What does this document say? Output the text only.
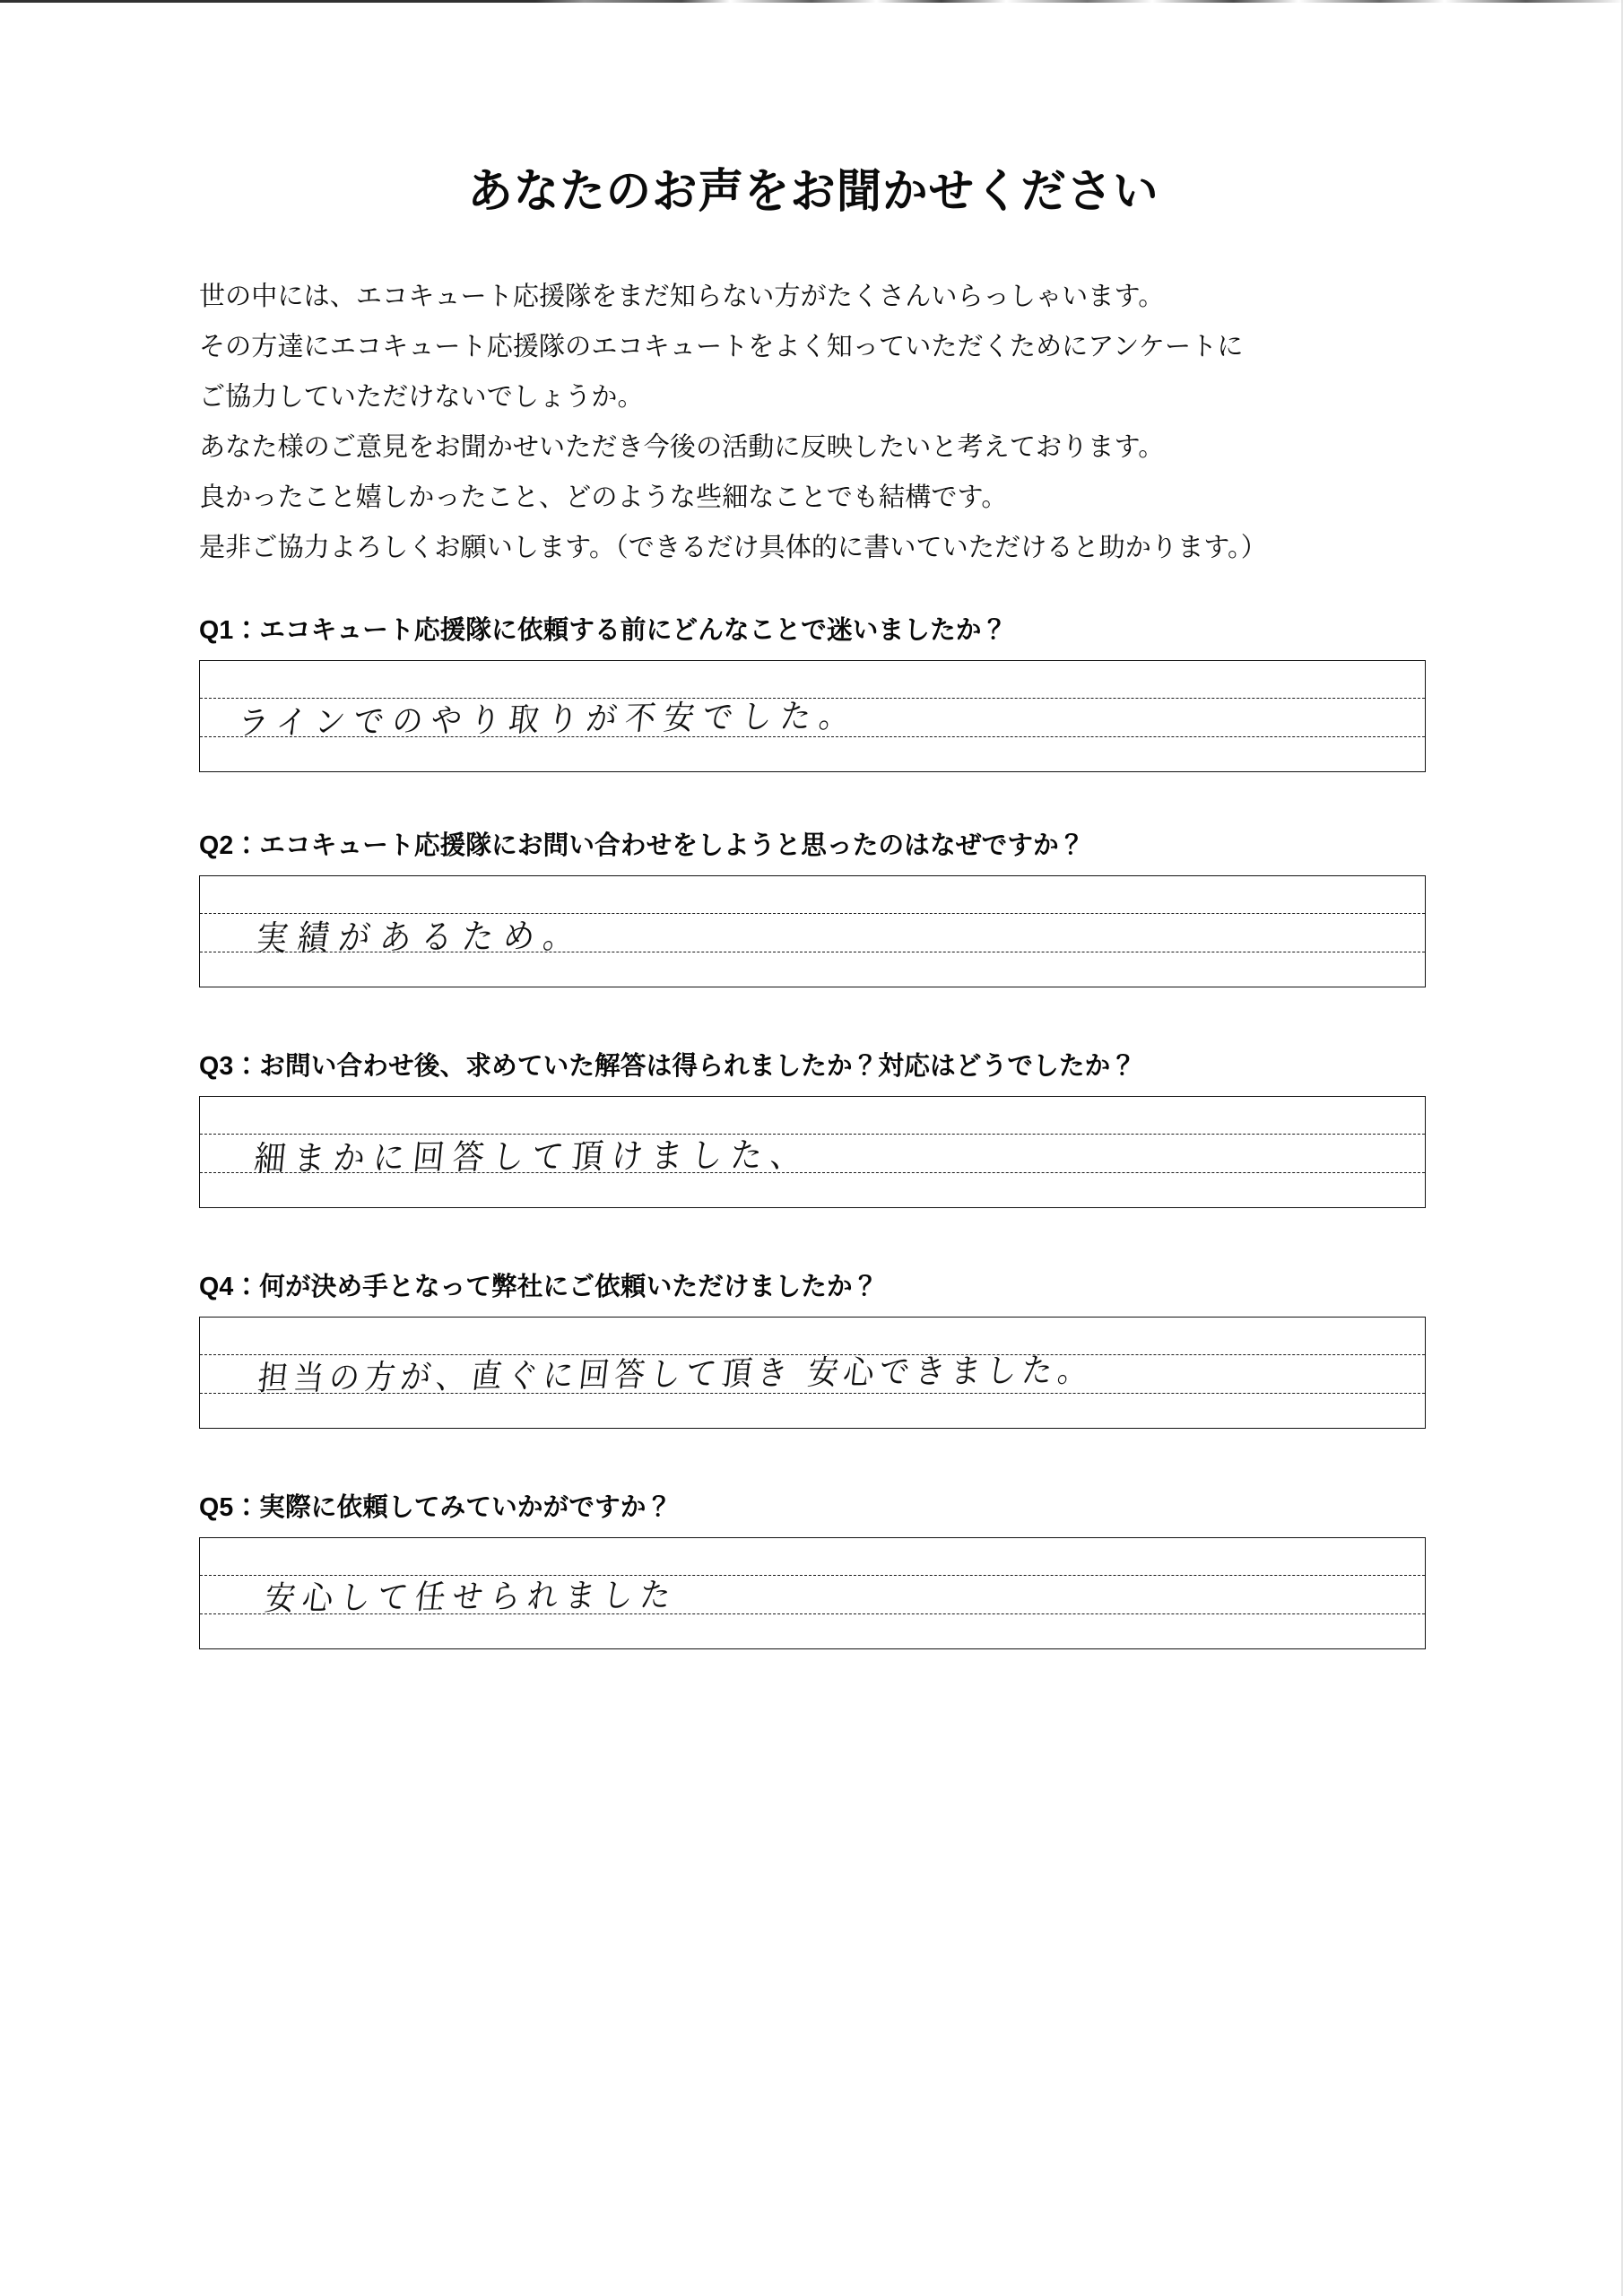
あなたのお声をお聞かせください
世の中には、エコキュート応援隊をまだ知らない方がたくさんいらっしゃいます。
その方達にエコキュート応援隊のエコキュートをよく知っていただくためにアンケートに
ご協力していただけないでしょうか。
あなた様のご意見をお聞かせいただき今後の活動に反映したいと考えております。
良かったこと嬉しかったこと、どのような些細なことでも結構です。
是非ご協力よろしくお願いします。（できるだけ具体的に書いていただけると助かります。）
Q1：エコキュート応援隊に依頼する前にどんなことで迷いましたか？
ラインでのやり取りが不安でした。
Q2：エコキュート応援隊にお問い合わせをしようと思ったのはなぜですか？
実績があるため。
Q3：お問い合わせ後、求めていた解答は得られましたか？対応はどうでしたか？
細まかに回答して頂けました、
Q4：何が決め手となって弊社にご依頼いただけましたか？
担当の方が、直ぐに回答して頂き 安心できました。
Q5：実際に依頼してみていかがですか？
安心して任せられました
